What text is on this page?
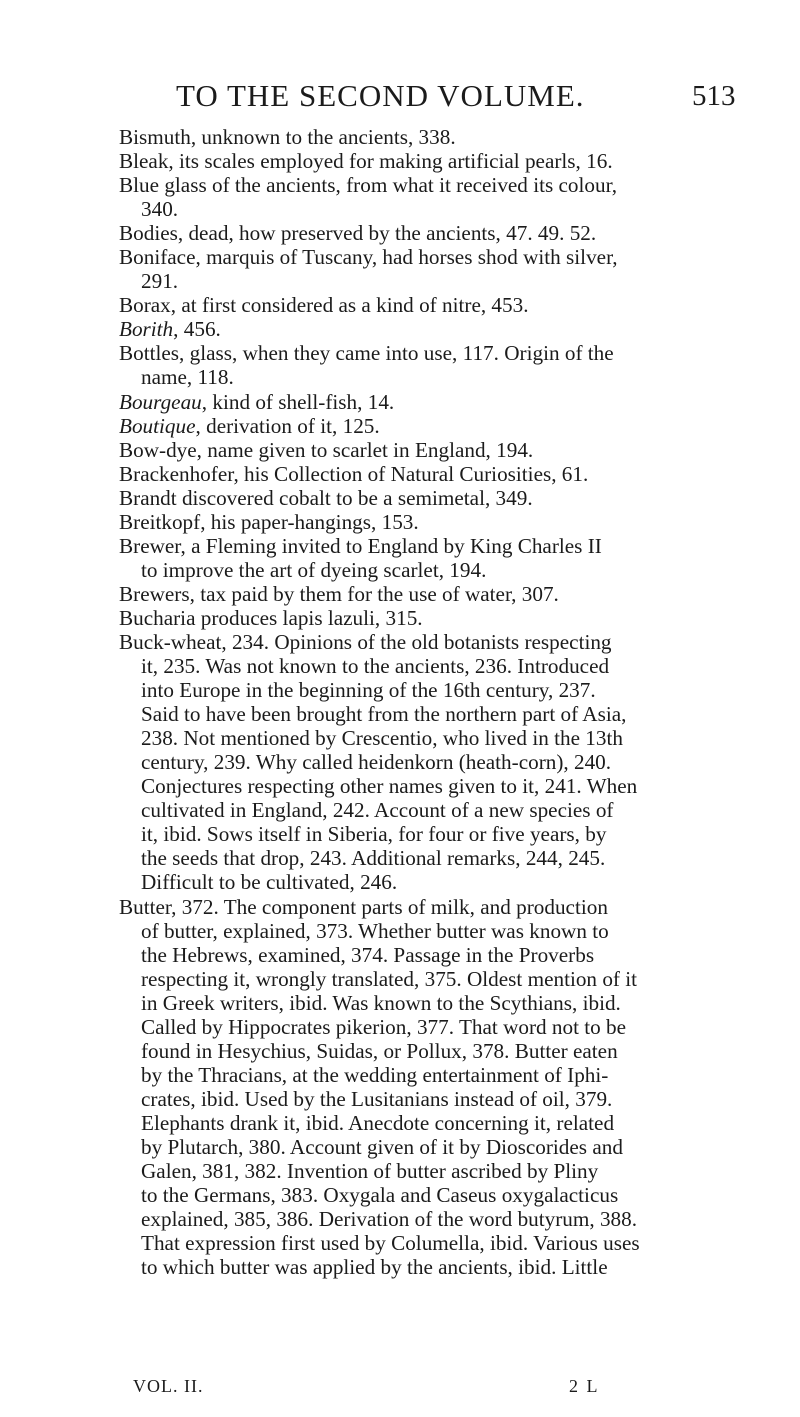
TO THE SECOND VOLUME.	513
Bismuth, unknown to the ancients, 338.
Bleak, its scales employed for making artificial pearls, 16.
Blue glass of the ancients, from what it received its colour,
340.
Bodies, dead, how preserved by the ancients, 47. 49. 52.
Boniface, marquis of Tuscany, had horses shod with silver,
291.
Borax, at first considered as a kind of nitre, 453.
Borith, 456.
Bottles, glass, when they came into use, 117. Origin of the
name, 118.
Bourgeau, kind of shell-fish, 14.
Boutique, derivation of it, 125.
Bow-dye, name given to scarlet in England, 194.
Brackenhofer, his Collection of Natural Curiosities, 61.
Brandt discovered cobalt to be a semimetal, 349.
Breitkopf, his paper-hangings, 153.
Brewer, a Fleming invited to England by King Charles II
to improve the art of dyeing scarlet, 194.
Brewers, tax paid by them for the use of water, 307.
Bucharia produces lapis lazuli, 315.
Buck-wheat, 234. Opinions of the old botanists respecting
it, 235. Was not known to the ancients, 236. Introduced
into Europe in the beginning of the 16th century, 237.
Said to have been brought from the northern part of Asia,
238. Not mentioned by Crescentio, who lived in the 13th
century, 239. Why called heidenkorn (heath-corn), 240.
Conjectures respecting other names given to it, 241. When
cultivated in England, 242. Account of a new species of
it, ibid. Sows itself in Siberia, for four or five years, by
the seeds that drop, 243. Additional remarks, 244, 245.
Difficult to be cultivated, 246.
Butter, 372. The component parts of milk, and production
of butter, explained, 373. Whether butter was known to
the Hebrews, examined, 374. Passage in the Proverbs
respecting it, wrongly translated, 375. Oldest mention of it
in Greek writers, ibid. Was known to the Scythians, ibid.
Called by Hippocrates pikerion, 377. That word not to be
found in Hesychius, Suidas, or Pollux, 378. Butter eaten
by the Thracians, at the wedding entertainment of Iphi-
crates, ibid. Used by the Lusitanians instead of oil, 379.
Elephants drank it, ibid. Anecdote concerning it, related
by Plutarch, 380. Account given of it by Dioscorides and
Galen, 381, 382. Invention of butter ascribed by Pliny
to the Germans, 383. Oxygala and Caseus oxygalacticus
explained, 385, 386. Derivation of the word butyrum, 388.
That expression first used by Columella, ibid. Various uses
to which butter was applied by the ancients, ibid. Little
VOL. II.	2 L
